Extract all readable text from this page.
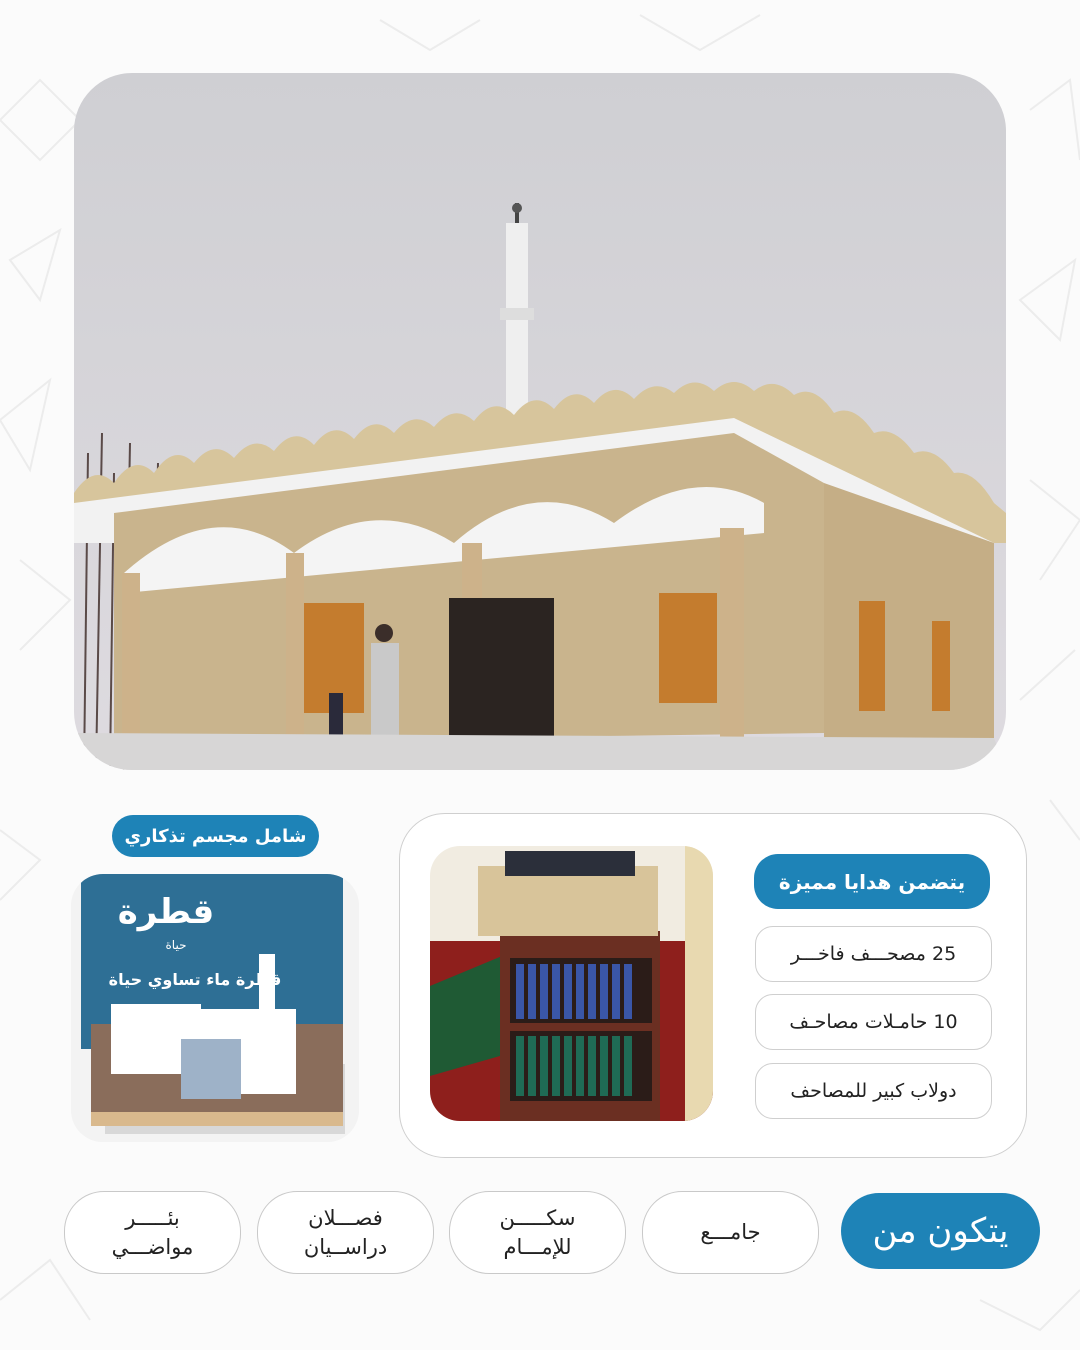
شامل مجسم تذكاري
قطرة
حياة
قطرة ماء تساوي حياة
يتضمن هدايا مميزة
25 مصحـــف فاخـــر
10 حامـلات مصاحـف
دولاب كبير للمصاحف
يتكون من
جامـــع
سكـــــن
للإمـــام
فصـــلان
دراســيان
بئـــــر
مواضـــي
